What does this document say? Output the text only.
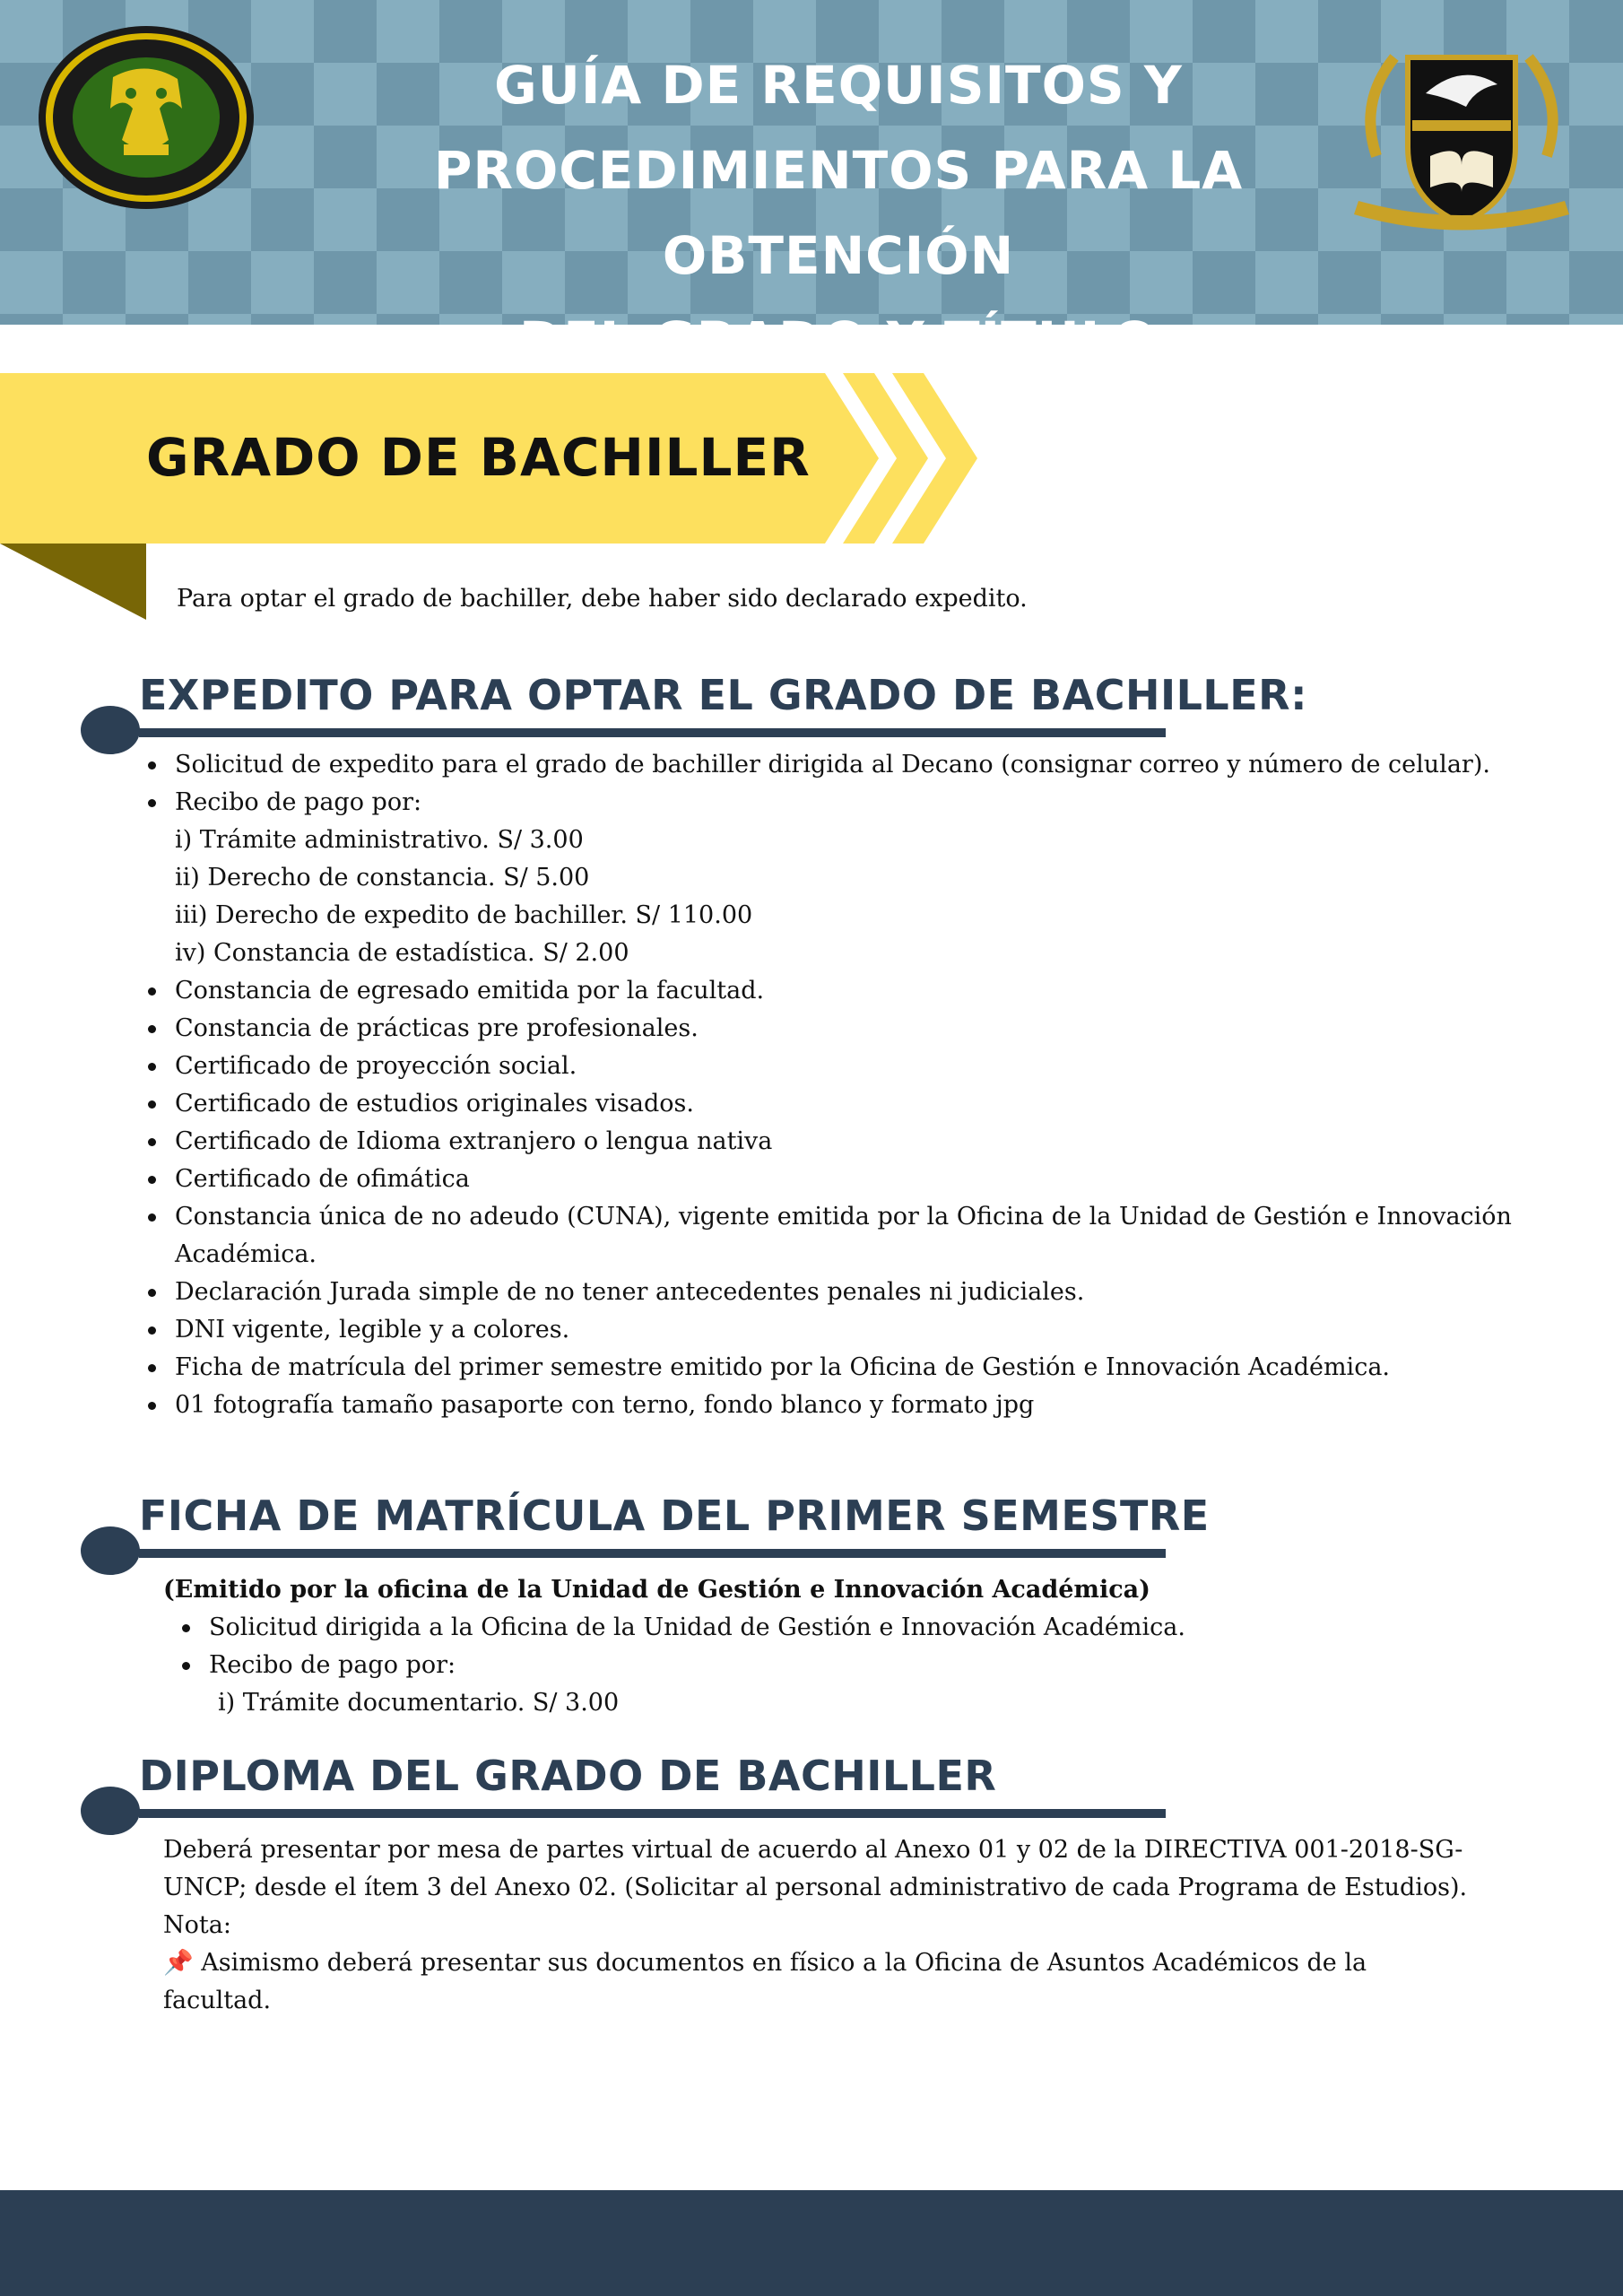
GUÍA DE REQUISITOS Y
PROCEDIMIENTOS PARA LA OBTENCIÓN
DEL GRADO Y TÍTULO
GRADO DE BACHILLER

Para optar el grado de bachiller, debe haber sido declarado expedito.

EXPEDITO PARA OPTAR EL GRADO DE BACHILLER:
Solicitud de expedito para el grado de bachiller dirigida al Decano (consignar correo y número de celular).
Recibo de pago por:
i) Trámite administrativo. S/ 3.00
ii) Derecho de constancia. S/ 5.00
iii) Derecho de expedito de bachiller. S/ 110.00
iv) Constancia de estadística. S/ 2.00
Constancia de egresado emitida por la facultad.
Constancia de prácticas pre profesionales.
Certificado de proyección social.
Certificado de estudios originales visados.
Certificado de Idioma extranjero o lengua nativa
Certificado de ofimática
Constancia única de no adeudo (CUNA), vigente emitida por la Oficina de la Unidad de Gestión e Innovación
Académica.
Declaración Jurada simple de no tener antecedentes penales ni judiciales.
DNI vigente, legible y a colores.
Ficha de matrícula del primer semestre emitido por la Oficina de Gestión e Innovación Académica.
01 fotografía tamaño pasaporte con terno, fondo blanco y formato jpg
FICHA DE MATRÍCULA DEL PRIMER SEMESTRE

(Emitido por la oficina de la Unidad de Gestión e Innovación Académica)

Solicitud dirigida a la Oficina de la Unidad de Gestión e Innovación Académica.
Recibo de pago por:
i) Trámite documentario. S/ 3.00
DIPLOMA DEL GRADO DE BACHILLER
Deberá presentar por mesa de partes virtual de acuerdo al Anexo 01 y 02 de la DIRECTIVA 001-2018-SG-
UNCP; desde el ítem 3 del Anexo 02. (Solicitar al personal administrativo de cada Programa de Estudios).
Nota:
📌 Asimismo deberá presentar sus documentos en físico a la Oficina de Asuntos Académicos de la facultad.
